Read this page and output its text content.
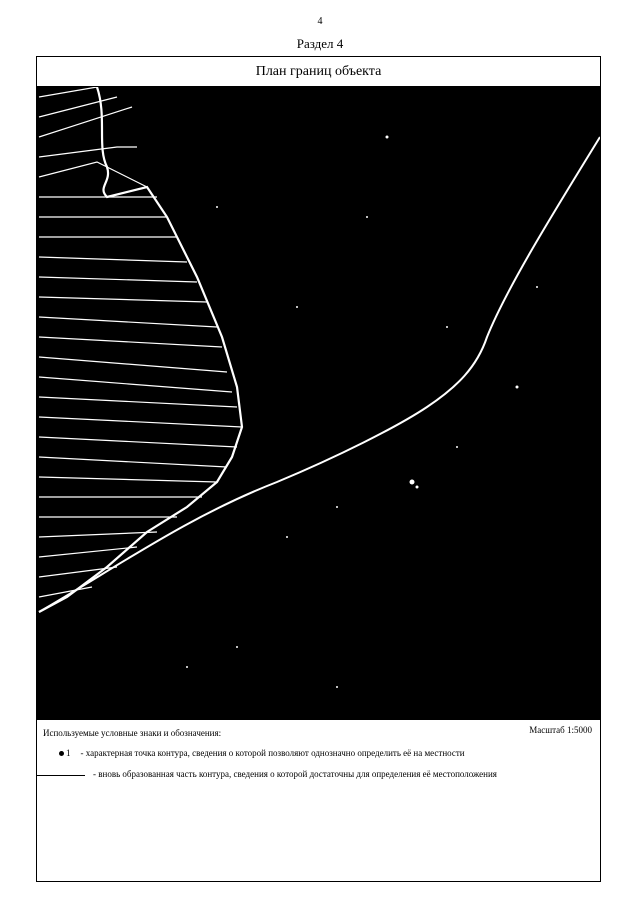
4
Раздел 4
План границ объекта
Используемые условные знаки и обозначения:	Масштаб 1:5000
1 - характерная точка контура, сведения о которой позволяют однозначно определить её на местности
- вновь образованная часть контура, сведения о которой достаточны для определения её местоположения
